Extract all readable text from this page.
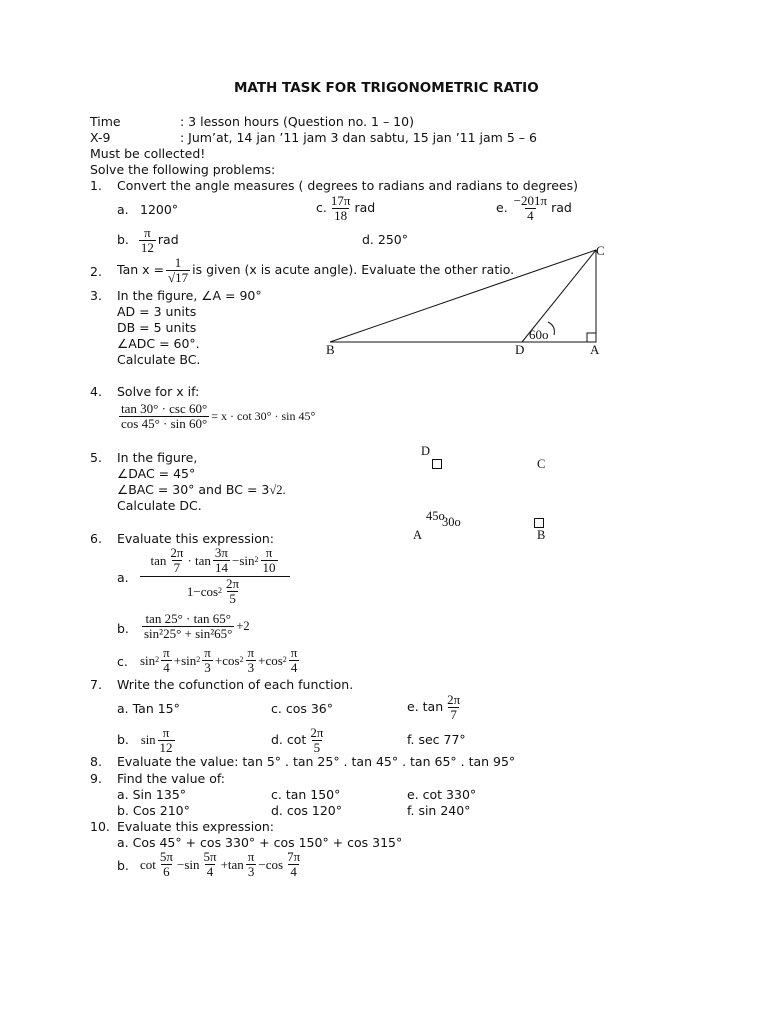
MATH TASK FOR TRIGONOMETRIC RATIO
Time	: 3 lesson hours (Question no. 1 – 10)
X-9	: Jum’at, 14 jan ’11 jam 3 dan sabtu, 15 jan ’11 jam 5 – 6
Must be collected!
Solve the following problems:
1. Convert the angle measures ( degrees to radians and radians to degrees)
a. 1200°	c. $\frac{17\pi}{18}$ rad	e. $\frac{-201\pi}{4}$ rad
b. $\frac{\pi}{12}$ rad	d. 250°
2. Tan $x = \frac{1}{√17}$ is given (x is acute angle). Evaluate the other ratio.
3. In the figure, ∠A = 90°
AD = 3 units
DB = 5 units
∠ADC = 60°.
Calculate BC.
B	D	A
C
60o
4. Solve for x if:
$\frac{\tan 30^\circ \cdot \csc 60^\circ}{\cos 45^\circ \cdot \sin 60^\circ} = x \cdot \cot 30^\circ \cdot \sin 45^\circ$
5. In the figure,
∠DAC = 45°
∠BAC = 30° and BC = 3√2.
Calculate DC.
D
C
45o
30o
A	B
6. Evaluate this expression:
a. $\frac{\tan \frac{2\pi}{7} \cdot \tan \frac{3\pi}{14} -\sin 2 \frac{\pi}{10}}{1-\cos 2 \frac{2\pi}{5}}$
b. $\frac{\tan 25^\circ \cdot \tan 65^\circ}{\text{sin²25° + sin²65°}} +2$
c. $\sin 2 \frac{\pi}{4} + \sin 2 \frac{\pi}{3} + \cos 2 \frac{\pi}{3} + \cos 2 \frac{\pi}{4}$
7. Write the cofunction of each function.
a. Tan 15°	c. cos 36°	e. $\tan \frac{2\pi}{7}$
b. $\sin \frac{\pi}{12}$	d. $\cot \frac{2\pi}{5}$	f. sec 77°
8. Evaluate the value: tan 5° . tan 25° . tan 45° . tan 65° . tan 95°
9. Find the value of:
a. Sin 135°	c. tan 150°	e. cot 330°
b. Cos 210°	d. cos 120°	f. sin 240°
10. Evaluate this expression:
a. Cos 45° + cos 330° + cos 150° + cos 315°
b. $\cot \frac{5\pi}{6} - \sin \frac{5\pi}{4} + \tan \frac{\pi}{3} - \cos \frac{7\pi}{4}$
